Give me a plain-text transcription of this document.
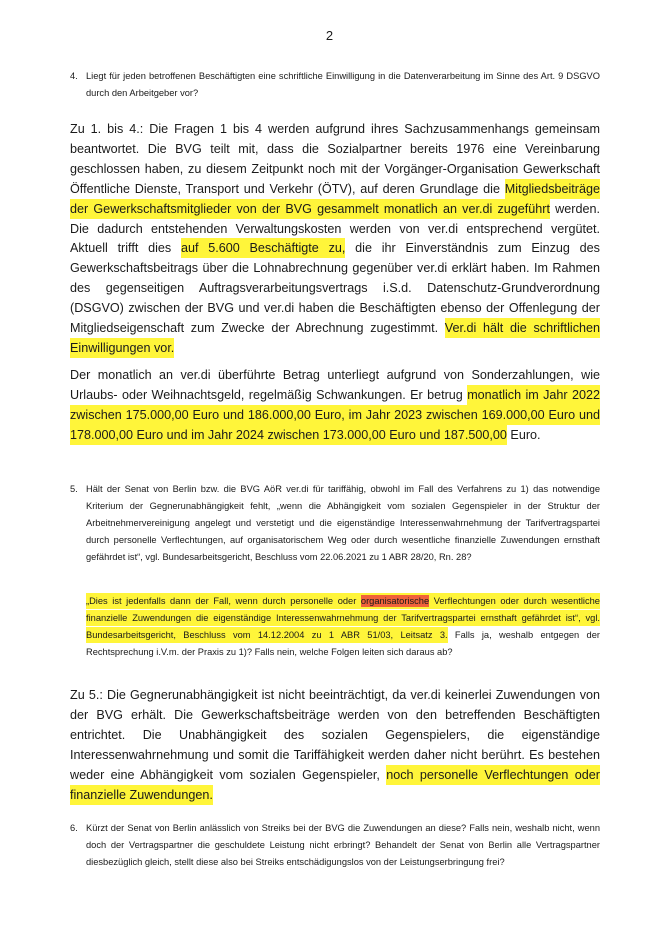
2
4. Liegt für jeden betroffenen Beschäftigten eine schriftliche Einwilligung in die Datenverarbeitung im Sinne des Art. 9 DSGVO durch den Arbeitgeber vor?
Zu 1. bis 4.: Die Fragen 1 bis 4 werden aufgrund ihres Sachzusammenhangs gemeinsam beantwortet. Die BVG teilt mit, dass die Sozialpartner bereits 1976 eine Vereinbarung geschlossen haben, zu diesem Zeitpunkt noch mit der Vorgänger-Organisation Gewerkschaft Öffentliche Dienste, Transport und Verkehr (ÖTV), auf deren Grundlage die Mitgliedsbeiträge der Gewerkschaftsmitglieder von der BVG gesammelt monatlich an ver.di zugeführt werden. Die dadurch entstehenden Verwaltungskosten werden von ver.di entsprechend vergütet. Aktuell trifft dies auf 5.600 Beschäftigte zu, die ihr Einverständnis zum Einzug des Gewerkschaftsbeitrags über die Lohnabrechnung gegenüber ver.di erklärt haben. Im Rahmen des gegenseitigen Auftragsverarbeitungsvertrags i.S.d. Datenschutz-Grundverordnung (DSGVO) zwischen der BVG und ver.di haben die Beschäftigten ebenso der Offenlegung der Mitgliedseigenschaft zum Zwecke der Abrechnung zugestimmt. Ver.di hält die schriftlichen Einwilligungen vor.
Der monatlich an ver.di überführte Betrag unterliegt aufgrund von Sonderzahlungen, wie Urlaubs- oder Weihnachtsgeld, regelmäßig Schwankungen. Er betrug monatlich im Jahr 2022 zwischen 175.000,00 Euro und 186.000,00 Euro, im Jahr 2023 zwischen 169.000,00 Euro und 178.000,00 Euro und im Jahr 2024 zwischen 173.000,00 Euro und 187.500,00 Euro.
5. Hält der Senat von Berlin bzw. die BVG AöR ver.di für tariffähig, obwohl im Fall des Verfahrens zu 1) das notwendige Kriterium der Gegnerunabhängigkeit fehlt, „wenn die Abhängigkeit vom sozialen Gegenspieler in der Struktur der Arbeitnehmervereinigung angelegt und verstetigt und die eigenständige Interessenwahrnehmung der Tarifvertragspartei durch personelle Verflechtungen, auf organisatorischem Weg oder durch wesentliche finanzielle Zuwendungen ernsthaft gefährdet ist“, vgl. Bundesarbeitsgericht, Beschluss vom 22.06.2021 zu 1 ABR 28/20, Rn. 28?
„Dies ist jedenfalls dann der Fall, wenn durch personelle oder organisatorische Verflechtungen oder durch wesentliche finanzielle Zuwendungen die eigenständige Interessenwahrnehmung der Tarifvertragspartei ernsthaft gefährdet ist“, vgl. Bundesarbeitsgericht, Beschluss vom 14.12.2004 zu 1 ABR 51/03, Leitsatz 3. Falls ja, weshalb entgegen der Rechtsprechung i.V.m. der Praxis zu 1)? Falls nein, welche Folgen leiten sich daraus ab?
Zu 5.: Die Gegnerunabhängigkeit ist nicht beeinträchtigt, da ver.di keinerlei Zuwendungen von der BVG erhält. Die Gewerkschaftsbeiträge werden von den betreffenden Beschäftigten entrichtet. Die Unabhängigkeit des sozialen Gegenspielers, die eigenständige Interessenwahrnehmung und somit die Tariffähigkeit werden daher nicht berührt. Es bestehen weder eine Abhängigkeit vom sozialen Gegenspieler, noch personelle Verflechtungen oder finanzielle Zuwendungen.
6. Kürzt der Senat von Berlin anlässlich von Streiks bei der BVG die Zuwendungen an diese? Falls nein, weshalb nicht, wenn doch der Vertragspartner die geschuldete Leistung nicht erbringt? Behandelt der Senat von Berlin alle Vertragspartner diesbezüglich gleich, stellt diese also bei Streiks entschädigungslos von der Leistungserbringung frei?
